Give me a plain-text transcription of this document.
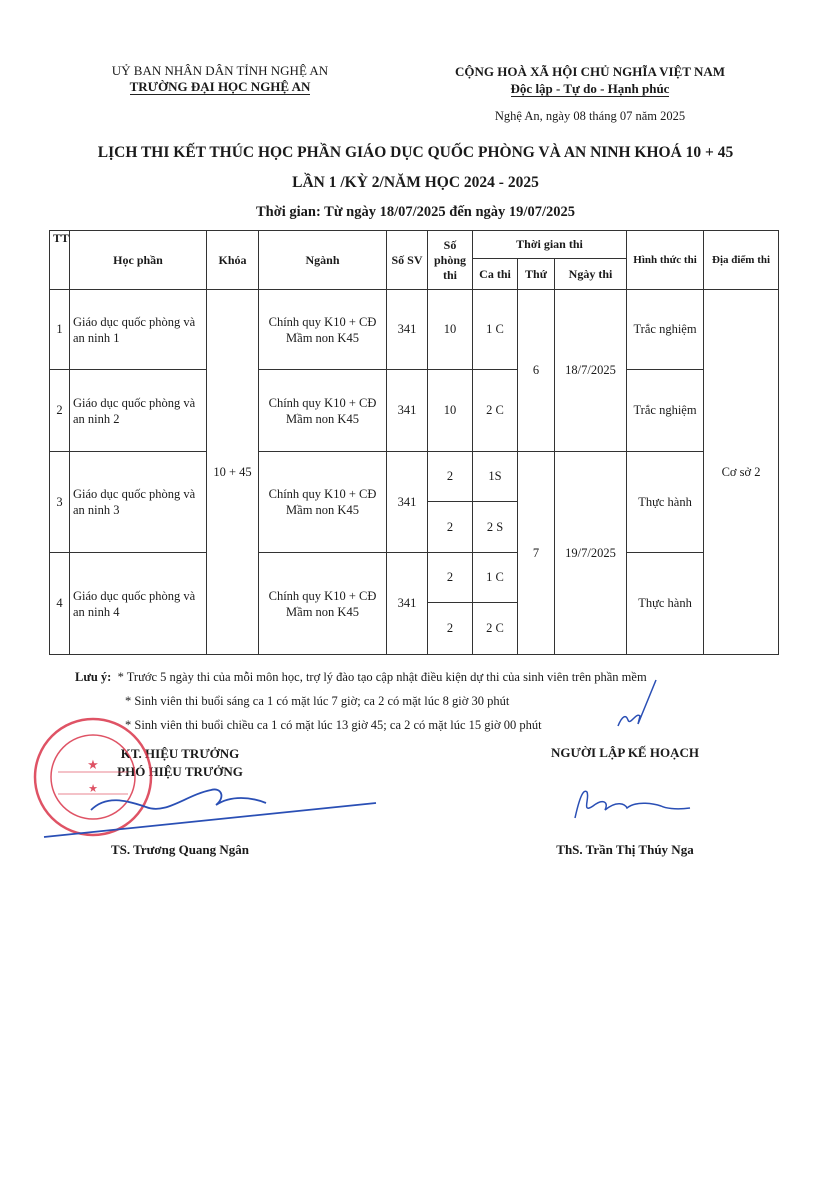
UỶ BAN NHÂN DÂN TỈNH NGHỆ AN
TRƯỜNG ĐẠI HỌC NGHỆ AN
CỘNG HOÀ XÃ HỘI CHỦ NGHĨA VIỆT NAM
Độc lập - Tự do - Hạnh phúc
Nghệ An, ngày 08 tháng 07 năm 2025
LỊCH THI KẾT THÚC HỌC PHẦN GIÁO DỤC QUỐC PHÒNG VÀ AN NINH KHOÁ 10 + 45
LẦN 1 /KỲ 2/NĂM HỌC 2024 - 2025
Thời gian: Từ ngày 18/07/2025 đến ngày 19/07/2025
TT	Học phần	Khóa	Ngành	Số SV	Số phòng thi	Thời gian thi			Hình thức thi	Địa điểm thi
						Ca thi	Thứ	Ngày thi		
1	Giáo dục quốc phòng và an ninh 1	10 + 45	Chính quy K10 + CĐ Mầm non K45	341	10	1 C	6	18/7/2025	Trắc nghiệm	Cơ sở 2
2	Giáo dục quốc phòng và an ninh 2		Chính quy K10 + CĐ Mầm non K45	341	10	2 C			Trắc nghiệm	
3	Giáo dục quốc phòng và an ninh 3		Chính quy K10 + CĐ Mầm non K45	341	2	1S	7	19/7/2025	Thực hành	
					2	2 S				
4	Giáo dục quốc phòng và an ninh 4		Chính quy K10 + CĐ Mầm non K45	341	2	1 C			Thực hành	
					2	2 C				
Lưu ý: * Trước 5 ngày thi của mỗi môn học, trợ lý đào tạo cập nhật điều kiện dự thi của sinh viên trên phần mềm
* Sinh viên thi buổi sáng ca 1 có mặt lúc 7 giờ; ca 2 có mặt lúc 8 giờ 30 phút
* Sinh viên thi buổi chiều ca 1 có mặt lúc 13 giờ 45; ca 2 có mặt lúc 15 giờ 00 phút
KT. HIỆU TRƯỞNG
PHÓ HIỆU TRƯỞNG
NGƯỜI LẬP KẾ HOẠCH
★
★
TS. Trương Quang Ngân	ThS. Trần Thị Thúy Nga
